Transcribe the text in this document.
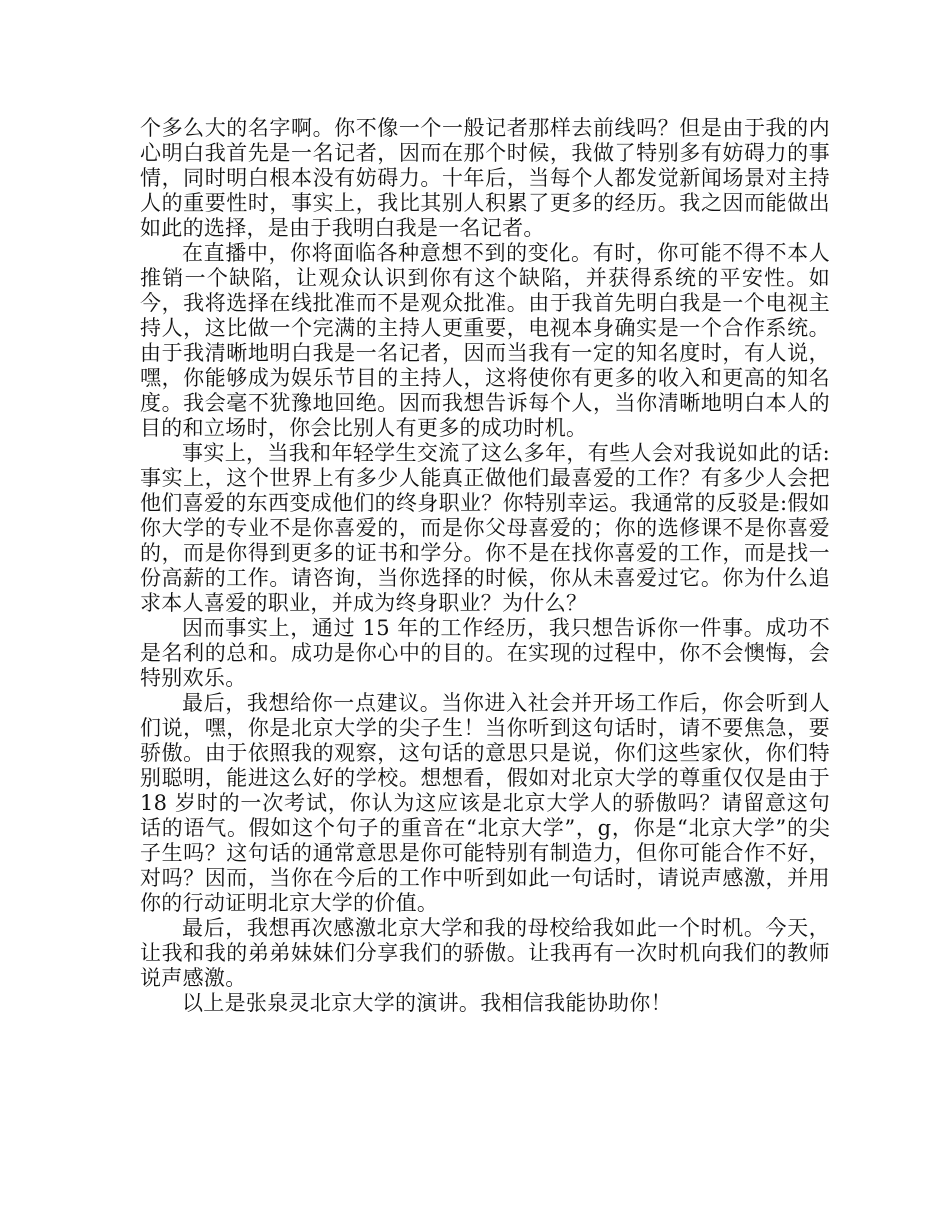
个多么大的名字啊。你不像一个一般记者那样去前线吗？但是由于我的内心明白我首先是一名记者，因而在那个时候，我做了特别多有妨碍力的事情，同时明白根本没有妨碍力。十年后，当每个人都发觉新闻场景对主持人的重要性时，事实上，我比其别人积累了更多的经历。我之因而能做出如此的选择，是由于我明白我是一名记者。

在直播中，你将面临各种意想不到的变化。有时，你可能不得不本人推销一个缺陷，让观众认识到你有这个缺陷，并获得系统的平安性。如今，我将选择在线批准而不是观众批准。由于我首先明白我是一个电视主持人，这比做一个完满的主持人更重要，电视本身确实是一个合作系统。由于我清晰地明白我是一名记者，因而当我有一定的知名度时，有人说，嘿，你能够成为娱乐节目的主持人，这将使你有更多的收入和更高的知名度。我会毫不犹豫地回绝。因而我想告诉每个人，当你清晰地明白本人的目的和立场时，你会比别人有更多的成功时机。

事实上，当我和年轻学生交流了这么多年，有些人会对我说如此的话:事实上，这个世界上有多少人能真正做他们最喜爱的工作？有多少人会把他们喜爱的东西变成他们的终身职业？你特别幸运。我通常的反驳是:假如你大学的专业不是你喜爱的，而是你父母喜爱的；你的选修课不是你喜爱的，而是你得到更多的证书和学分。你不是在找你喜爱的工作，而是找一份高薪的工作。请咨询，当你选择的时候，你从未喜爱过它。你为什么追求本人喜爱的职业，并成为终身职业？为什么？

因而事实上，通过 15 年的工作经历，我只想告诉你一件事。成功不是名利的总和。成功是你心中的目的。在实现的过程中，你不会懊悔，会特别欢乐。

最后，我想给你一点建议。当你进入社会并开场工作后，你会听到人们说，嘿，你是北京大学的尖子生！当你听到这句话时，请不要焦急，要骄傲。由于依照我的观察，这句话的意思只是说，你们这些家伙，你们特别聪明，能进这么好的学校。想想看，假如对北京大学的尊重仅仅是由于 18 岁时的一次考试，你认为这应该是北京大学人的骄傲吗？请留意这句话的语气。假如这个句子的重音在“北京大学”，g，你是“北京大学”的尖子生吗？这句话的通常意思是你可能特别有制造力，但你可能合作不好，对吗？因而，当你在今后的工作中听到如此一句话时，请说声感激，并用你的行动证明北京大学的价值。

最后，我想再次感激北京大学和我的母校给我如此一个时机。今天，让我和我的弟弟妹妹们分享我们的骄傲。让我再有一次时机向我们的教师说声感激。

以上是张泉灵北京大学的演讲。我相信我能协助你！
